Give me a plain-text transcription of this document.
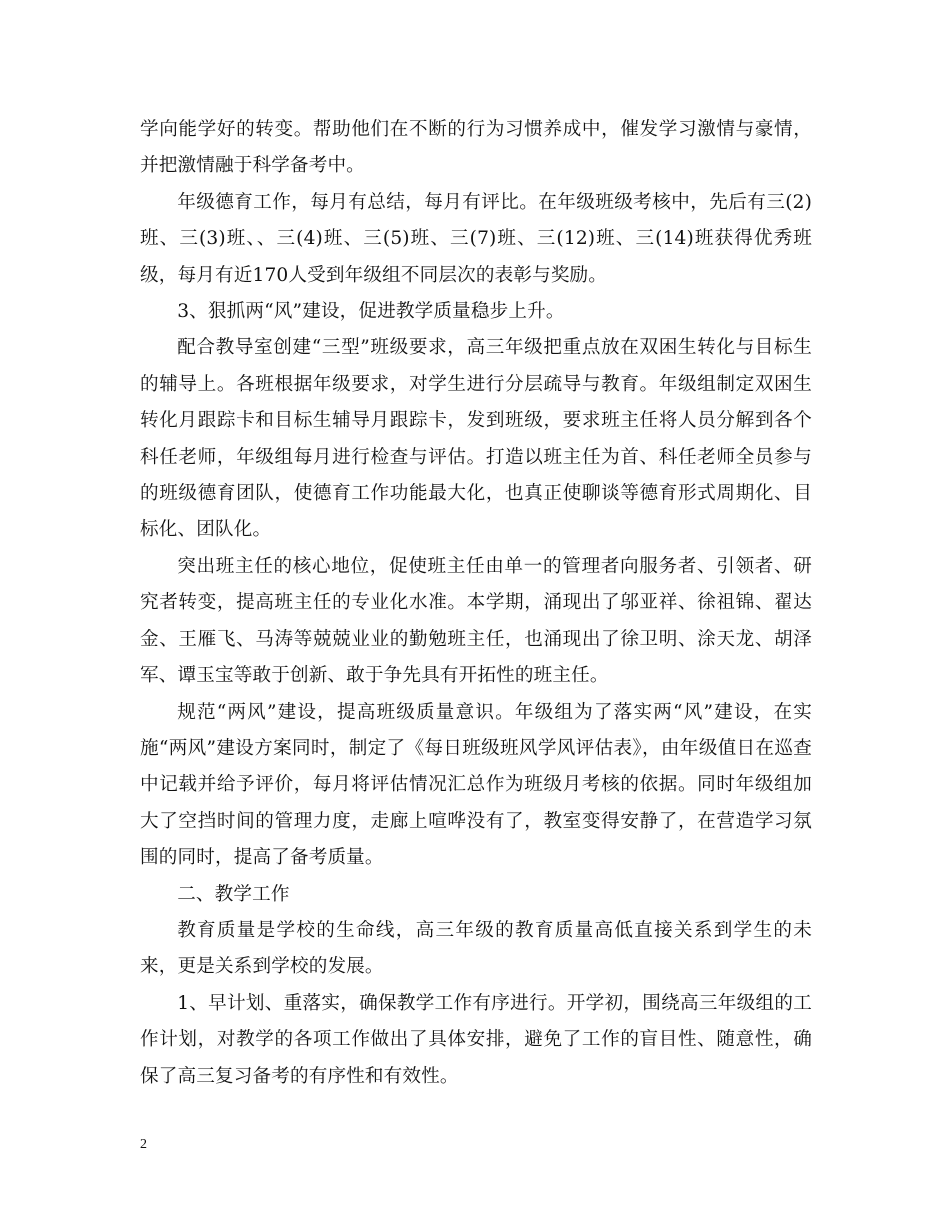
学向能学好的转变。帮助他们在不断的行为习惯养成中，催发学习激情与豪情，并把激情融于科学备考中。

年级德育工作，每月有总结，每月有评比。在年级班级考核中，先后有三(2)班、三(3)班、、三(4)班、三(5)班、三(7)班、三(12)班、三(14)班获得优秀班级，每月有近170人受到年级组不同层次的表彰与奖励。

3、狠抓两“风”建设，促进教学质量稳步上升。

配合教导室创建“三型”班级要求，高三年级把重点放在双困生转化与目标生的辅导上。各班根据年级要求，对学生进行分层疏导与教育。年级组制定双困生转化月跟踪卡和目标生辅导月跟踪卡，发到班级，要求班主任将人员分解到各个科任老师，年级组每月进行检查与评估。打造以班主任为首、科任老师全员参与的班级德育团队，使德育工作功能最大化，也真正使聊谈等德育形式周期化、目标化、团队化。

突出班主任的核心地位，促使班主任由单一的管理者向服务者、引领者、研究者转变，提高班主任的专业化水准。本学期，涌现出了邬亚祥、徐祖锦、翟达金、王雁飞、马涛等兢兢业业的勤勉班主任，也涌现出了徐卫明、涂天龙、胡泽军、谭玉宝等敢于创新、敢于争先具有开拓性的班主任。

规范“两风”建设，提高班级质量意识。年级组为了落实两“风”建设，在实施“两风”建设方案同时，制定了《每日班级班风学风评估表》，由年级值日在巡查中记载并给予评价，每月将评估情况汇总作为班级月考核的依据。同时年级组加大了空挡时间的管理力度，走廊上喧哗没有了，教室变得安静了，在营造学习氛围的同时，提高了备考质量。

二、教学工作

教育质量是学校的生命线，高三年级的教育质量高低直接关系到学生的未来，更是关系到学校的发展。

1、早计划、重落实，确保教学工作有序进行。开学初，围绕高三年级组的工作计划，对教学的各项工作做出了具体安排，避免了工作的盲目性、随意性，确保了高三复习备考的有序性和有效性。

2
